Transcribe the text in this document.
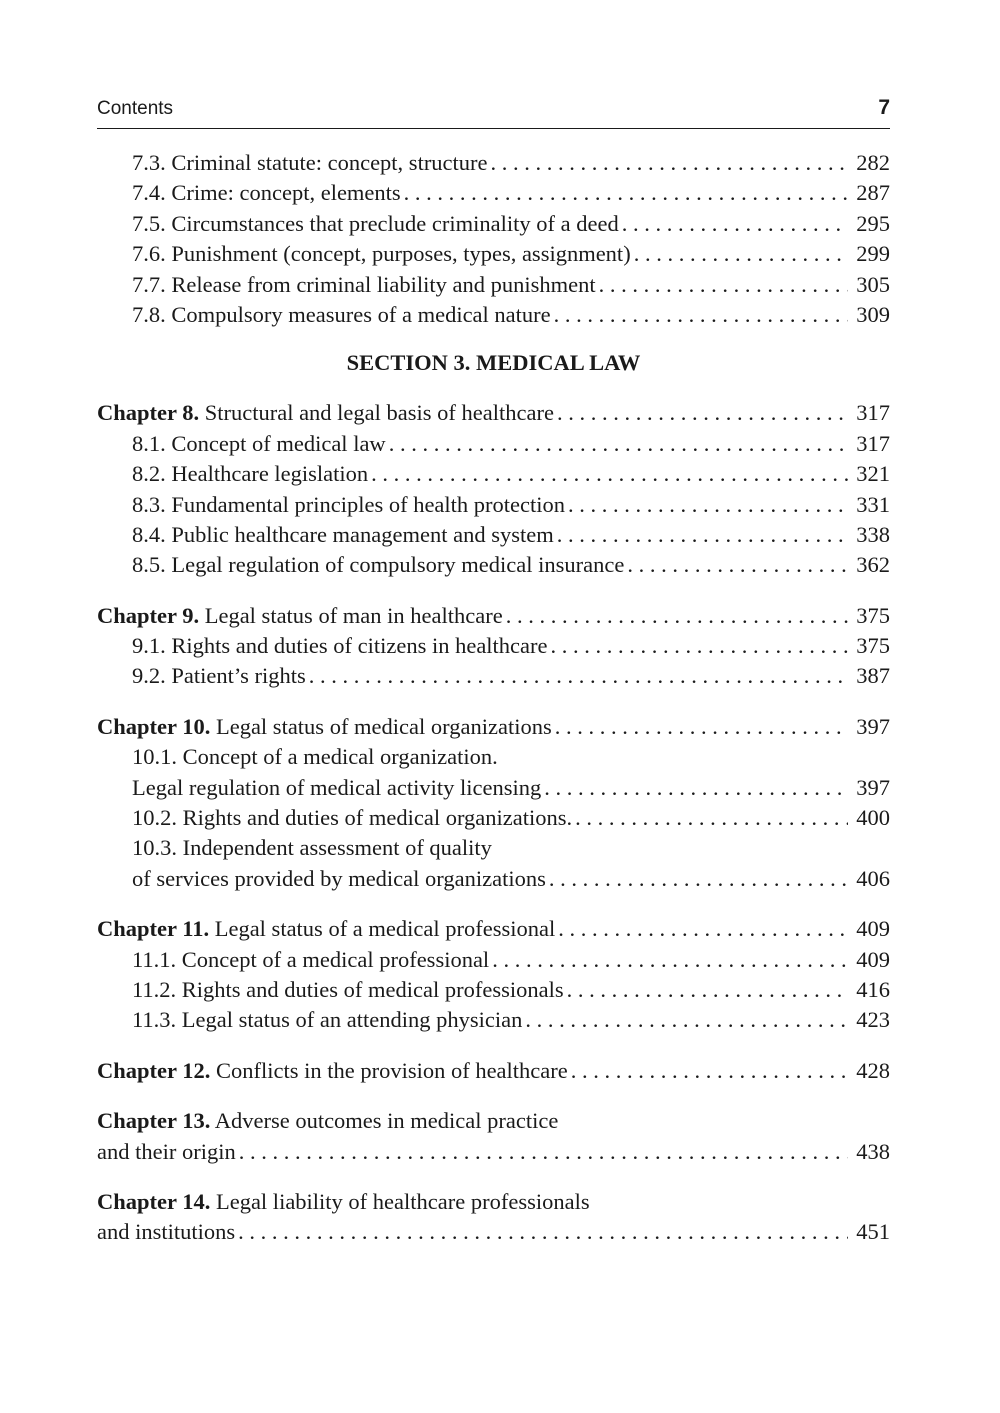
Contents	7
7.3. Criminal statute: concept, structure . . .	282
7.4. Crime: concept, elements . . .	287
7.5. Circumstances that preclude criminality of a deed . . .	295
7.6. Punishment (concept, purposes, types, assignment) . . .	299
7.7. Release from criminal liability and punishment . . .	305
7.8. Compulsory measures of a medical nature . . .	309
SECTION 3. MEDICAL LAW
Chapter 8. Structural and legal basis of healthcare . . .	317
8.1. Concept of medical law . . .	317
8.2. Healthcare legislation . . .	321
8.3. Fundamental principles of health protection . . .	331
8.4. Public healthcare management and system . . .	338
8.5. Legal regulation of compulsory medical insurance . . .	362
Chapter 9. Legal status of man in healthcare . . .	375
9.1. Rights and duties of citizens in healthcare . . .	375
9.2. Patient’s rights . . .	387
Chapter 10. Legal status of medical organizations . . .	397
10.1. Concept of a medical organization.
Legal regulation of medical activity licensing . . .	397
10.2. Rights and duties of medical organizations. . . .	400
10.3. Independent assessment of quality
of services provided by medical organizations . . .	406
Chapter 11. Legal status of a medical professional . . .	409
11.1. Concept of a medical professional . . .	409
11.2. Rights and duties of medical professionals . . .	416
11.3. Legal status of an attending physician . . .	423
Chapter 12. Conflicts in the provision of healthcare . . .	428
Chapter 13. Adverse outcomes in medical practice
and their origin . . .	438
Chapter 14. Legal liability of healthcare professionals
and institutions . . .	451
